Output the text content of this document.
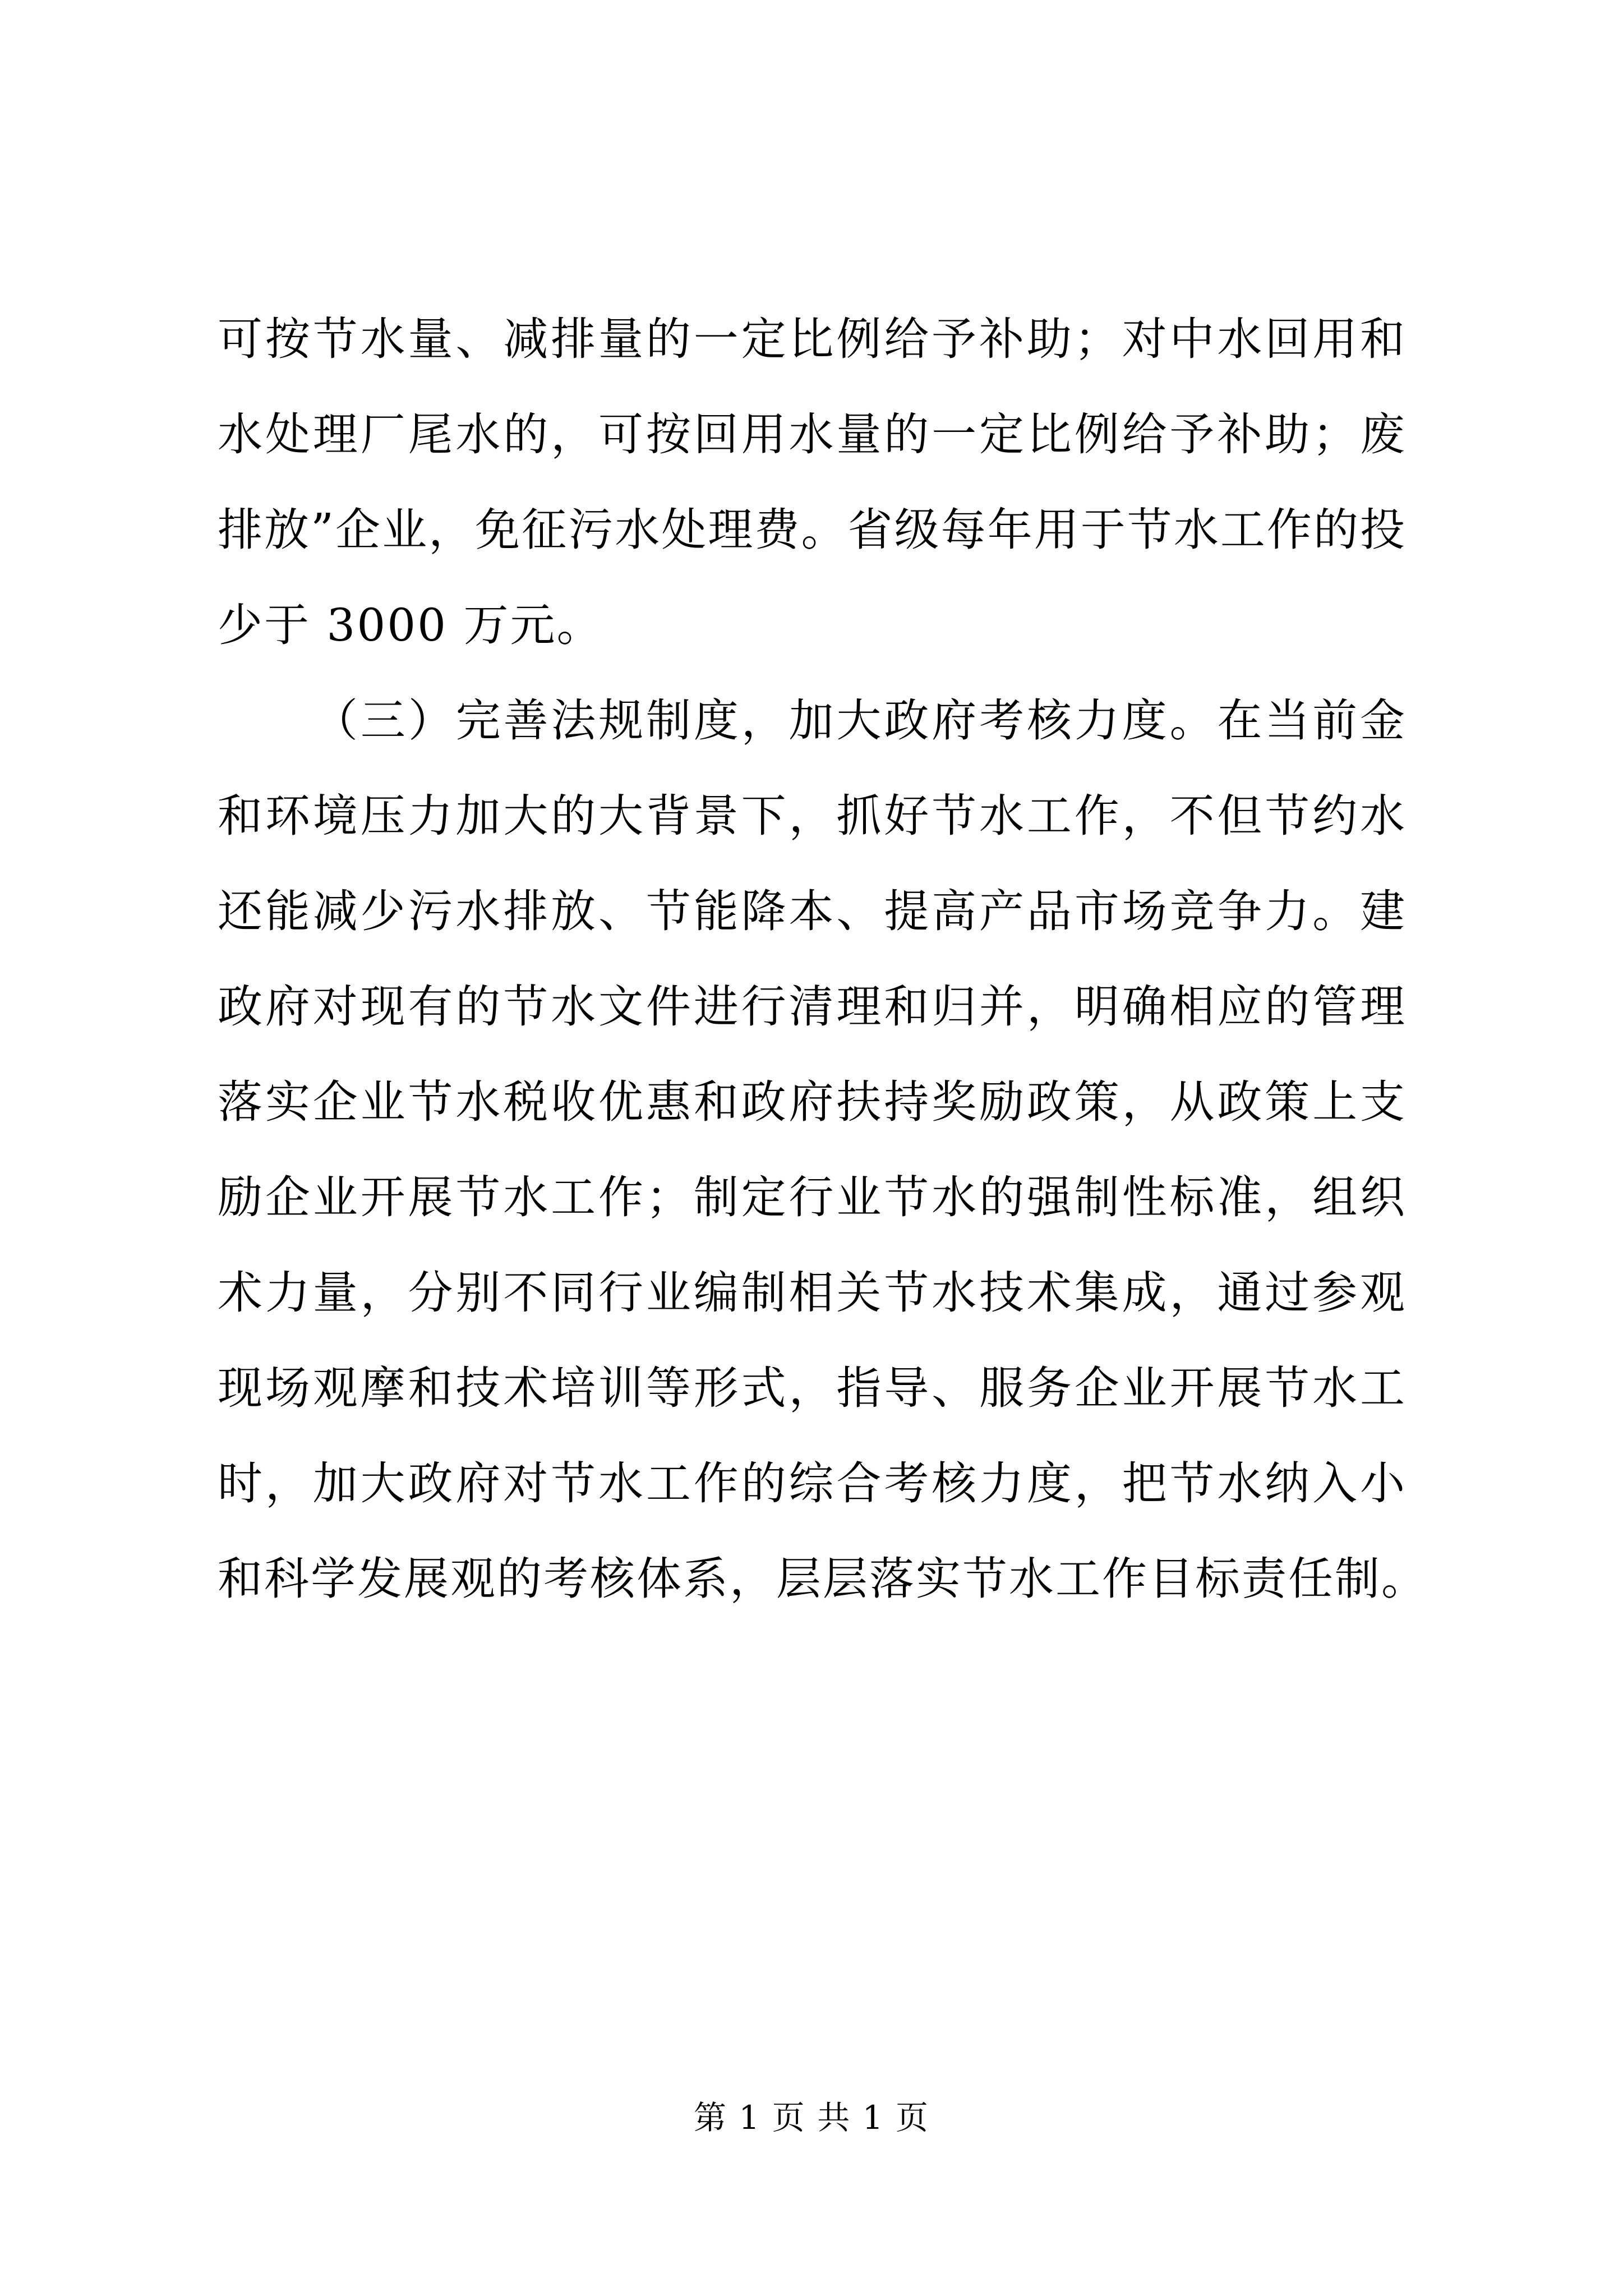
可按节水量、减排量的一定比例给予补助；对中水回用和
水处理厂尾水的，可按回用水量的一定比例给予补助；废
排放”企业，免征污水处理费。省级每年用于节水工作的投
少于 3000 万元。
（三）完善法规制度，加大政府考核力度。在当前金
和环境压力加大的大背景下，抓好节水工作，不但节约水
还能减少污水排放、节能降本、提高产品市场竞争力。建
政府对现有的节水文件进行清理和归并，明确相应的管理
落实企业节水税收优惠和政府扶持奖励政策，从政策上支
励企业开展节水工作；制定行业节水的强制性标准，组织
术力量，分别不同行业编制相关节水技术集成，通过参观
现场观摩和技术培训等形式，指导、服务企业开展节水工
时，加大政府对节水工作的综合考核力度，把节水纳入小
和科学发展观的考核体系，层层落实节水工作目标责任制。
第 1 页 共 1 页
